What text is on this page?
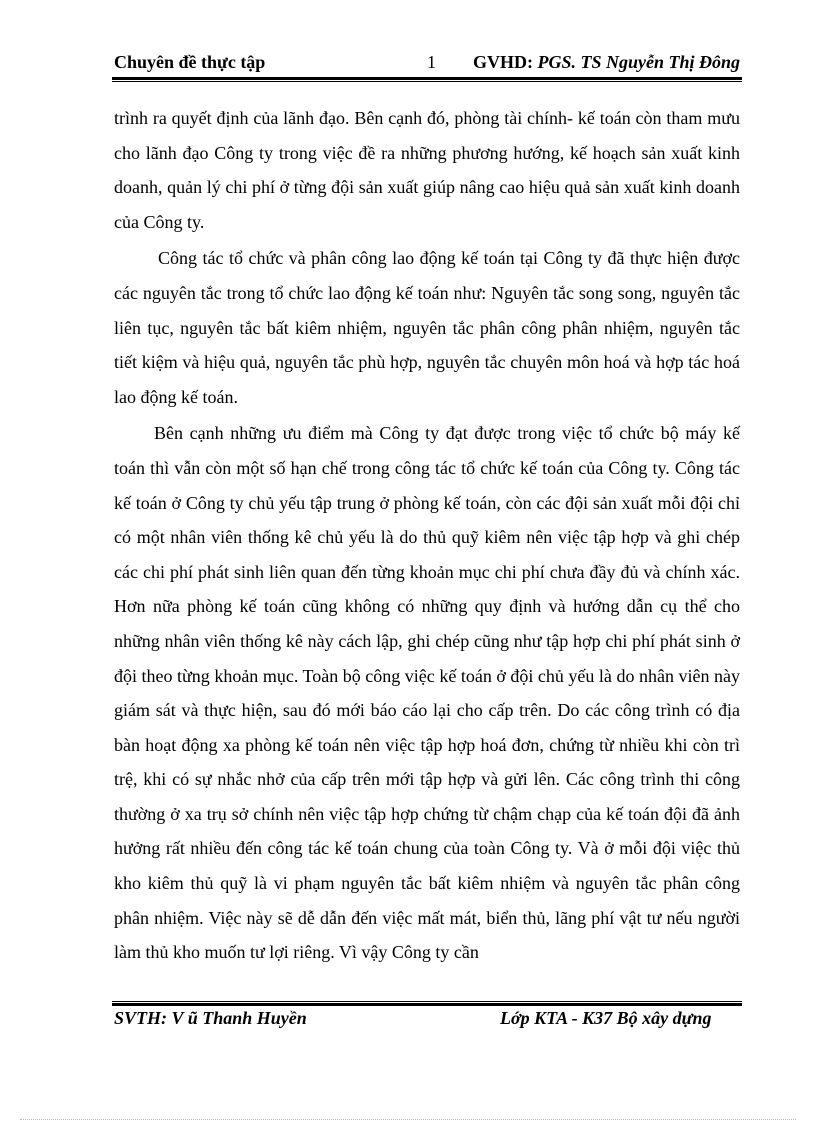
Chuyên đề thực tập	1 GVHD: PGS. TS Nguyễn Thị Đông

trình ra quyết định của lãnh đạo. Bên cạnh đó, phòng tài chính- kế toán còn tham mưu cho lãnh đạo Công ty trong việc đề ra những phương hướng, kế hoạch sản xuất kinh doanh, quản lý chi phí ở từng đội sản xuất giúp nâng cao hiệu quả sản xuất kinh doanh của Công ty.

Công tác tổ chức và phân công lao động kế toán tại Công ty đã thực hiện được các nguyên tắc trong tổ chức lao động kế toán như: Nguyên tắc song song, nguyên tắc liên tục, nguyên tắc bất kiêm nhiệm, nguyên tắc phân công phân nhiệm, nguyên tắc tiết kiệm và hiệu quả, nguyên tắc phù hợp, nguyên tắc chuyên môn hoá và hợp tác hoá lao động kế toán.

Bên cạnh những ưu điểm mà Công ty đạt được trong việc tổ chức bộ máy kế toán thì vẫn còn một số hạn chế trong công tác tổ chức kế toán của Công ty. Công tác kế toán ở Công ty chủ yếu tập trung ở phòng kế toán, còn các đội sản xuất mỗi đội chỉ có một nhân viên thống kê chủ yếu là do thủ quỹ kiêm nên việc tập hợp và ghi chép các chi phí phát sinh liên quan đến từng khoản mục chi phí chưa đầy đủ và chính xác. Hơn nữa phòng kế toán cũng không có những quy định và hướng dẫn cụ thể cho những nhân viên thống kê này cách lập, ghi chép cũng như tập hợp chi phí phát sinh ở đội theo từng khoản mục. Toàn bộ công việc kế toán ở đội chủ yếu là do nhân viên này giám sát và thực hiện, sau đó mới báo cáo lại cho cấp trên. Do các công trình có địa bàn hoạt động xa phòng kế toán nên việc tập hợp hoá đơn, chứng từ nhiều khi còn trì trệ, khi có sự nhắc nhở của cấp trên mới tập hợp và gửi lên. Các công trình thi công thường ở xa trụ sở chính nên việc tập hợp chứng từ chậm chạp của kế toán đội đã ảnh hưởng rất nhiều đến công tác kế toán chung của toàn Công ty. Và ở mỗi đội việc thủ kho kiêm thủ quỹ là vi phạm nguyên tắc bất kiêm nhiệm và nguyên tắc phân công phân nhiệm. Việc này sẽ dễ dẫn đến việc mất mát, biển thủ, lãng phí vật tư nếu người làm thủ kho muốn tư lợi riêng. Vì vậy Công ty cần

SVTH: V ũ Thanh Huyền	Lớp KTA - K37 Bộ xây dựng
